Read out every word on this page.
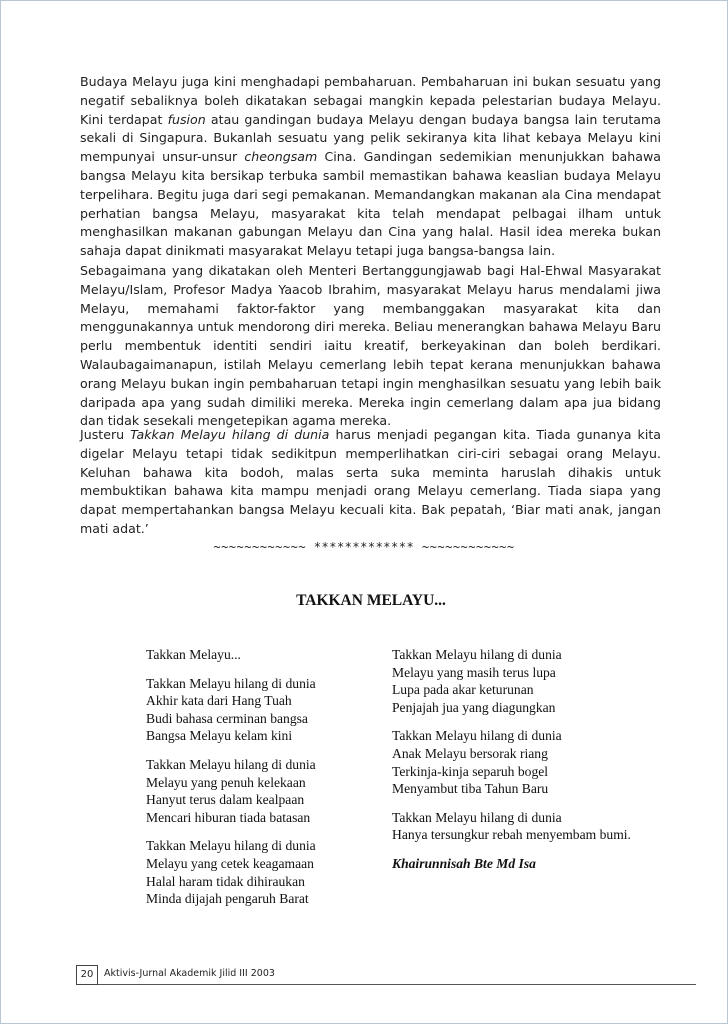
Budaya Melayu juga kini menghadapi pembaharuan. Pembaharuan ini bukan sesuatu yang negatif sebaliknya boleh dikatakan sebagai mangkin kepada pelestarian budaya Melayu. Kini terdapat fusion atau gandingan budaya Melayu dengan budaya bangsa lain terutama sekali di Singapura. Bukanlah sesuatu yang pelik sekiranya kita lihat kebaya Melayu kini mempunyai unsur-unsur cheongsam Cina. Gandingan sedemikian menunjukkan bahawa bangsa Melayu kita bersikap terbuka sambil memastikan bahawa keaslian budaya Melayu terpelihara. Begitu juga dari segi pemakanan. Memandangkan makanan ala Cina mendapat perhatian bangsa Melayu, masyarakat kita telah mendapat pelbagai ilham untuk menghasilkan makanan gabungan Melayu dan Cina yang halal. Hasil idea mereka bukan sahaja dapat dinikmati masyarakat Melayu tetapi juga bangsa-bangsa lain.

Sebagaimana yang dikatakan oleh Menteri Bertanggungjawab bagi Hal-Ehwal Masyarakat Melayu/Islam, Profesor Madya Yaacob Ibrahim, masyarakat Melayu harus mendalami jiwa Melayu, memahami faktor-faktor yang membanggakan masyarakat kita dan menggunakannya untuk mendorong diri mereka. Beliau menerangkan bahawa Melayu Baru perlu membentuk identiti sendiri iaitu kreatif, berkeyakinan dan boleh berdikari. Walaubagaimanapun, istilah Melayu cemerlang lebih tepat kerana menunjukkan bahawa orang Melayu bukan ingin pembaharuan tetapi ingin menghasilkan sesuatu yang lebih baik daripada apa yang sudah dimiliki mereka. Mereka ingin cemerlang dalam apa jua bidang dan tidak sesekali mengetepikan agama mereka.

Justeru Takkan Melayu hilang di dunia harus menjadi pegangan kita. Tiada gunanya kita digelar Melayu tetapi tidak sedikitpun memperlihatkan ciri-ciri sebagai orang Melayu. Keluhan bahawa kita bodoh, malas serta suka meminta haruslah dihakis untuk membuktikan bahawa kita mampu menjadi orang Melayu cemerlang. Tiada siapa yang dapat mempertahankan bangsa Melayu kecuali kita. Bak pepatah, ‘Biar mati anak, jangan mati adat.’

~~~~~~~~~~~~ ************* ~~~~~~~~~~~~
TAKKAN MELAYU...
Takkan Melayu...
Takkan Melayu hilang di dunia
Akhir kata dari Hang Tuah
Budi bahasa cerminan bangsa
Bangsa Melayu kelam kini
Takkan Melayu hilang di dunia
Melayu yang penuh kelekaan
Hanyut terus dalam kealpaan
Mencari hiburan tiada batasan
Takkan Melayu hilang di dunia
Melayu yang cetek keagamaan
Halal haram tidak dihiraukan
Minda dijajah pengaruh Barat
Takkan Melayu hilang di dunia
Melayu yang masih terus lupa
Lupa pada akar keturunan
Penjajah jua yang diagungkan
Takkan Melayu hilang di dunia
Anak Melayu bersorak riang
Terkinja-kinja separuh bogel
Menyambut tiba Tahun Baru
Takkan Melayu hilang di dunia
Hanya tersungkur rebah menyembam bumi.
Khairunnisah Bte Md Isa
20	Aktivis-Jurnal Akademik Jilid III 2003
